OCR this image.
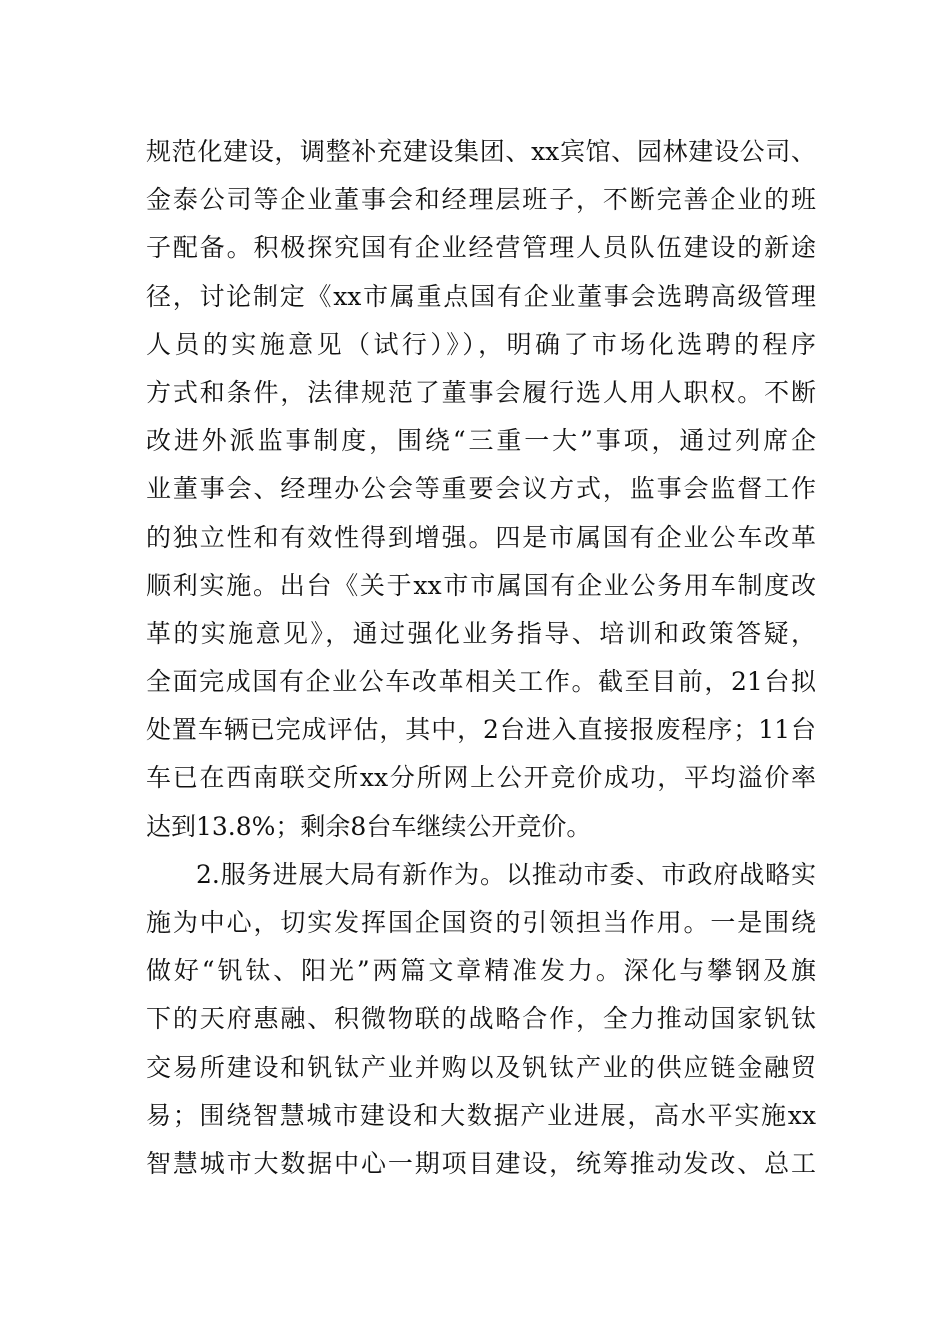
规范化建设，调整补充建设集团、xx宾馆、园林建设公司、
金泰公司等企业董事会和经理层班子，不断完善企业的班
子配备。积极探究国有企业经营管理人员队伍建设的新途
径，讨论制定《xx市属重点国有企业董事会选聘高级管理
人员的实施意见（试行）》），明确了市场化选聘的程序
方式和条件，法律规范了董事会履行选人用人职权。不断
改进外派监事制度，围绕“三重一大”事项，通过列席企
业董事会、经理办公会等重要会议方式，监事会监督工作
的独立性和有效性得到增强。四是市属国有企业公车改革
顺利实施。出台《关于xx市市属国有企业公务用车制度改
革的实施意见》，通过强化业务指导、培训和政策答疑，
全面完成国有企业公车改革相关工作。截至目前，21台拟
处置车辆已完成评估，其中，2台进入直接报废程序；11台
车已在西南联交所xx分所网上公开竞价成功，平均溢价率
达到13.8%；剩余8台车继续公开竞价。
2.服务进展大局有新作为。以推动市委、市政府战略实
施为中心，切实发挥国企国资的引领担当作用。一是围绕
做好“钒钛、阳光”两篇文章精准发力。深化与攀钢及旗
下的天府惠融、积微物联的战略合作，全力推动国家钒钛
交易所建设和钒钛产业并购以及钒钛产业的供应链金融贸
易；围绕智慧城市建设和大数据产业进展，高水平实施xx
智慧城市大数据中心一期项目建设，统筹推动发改、总工
